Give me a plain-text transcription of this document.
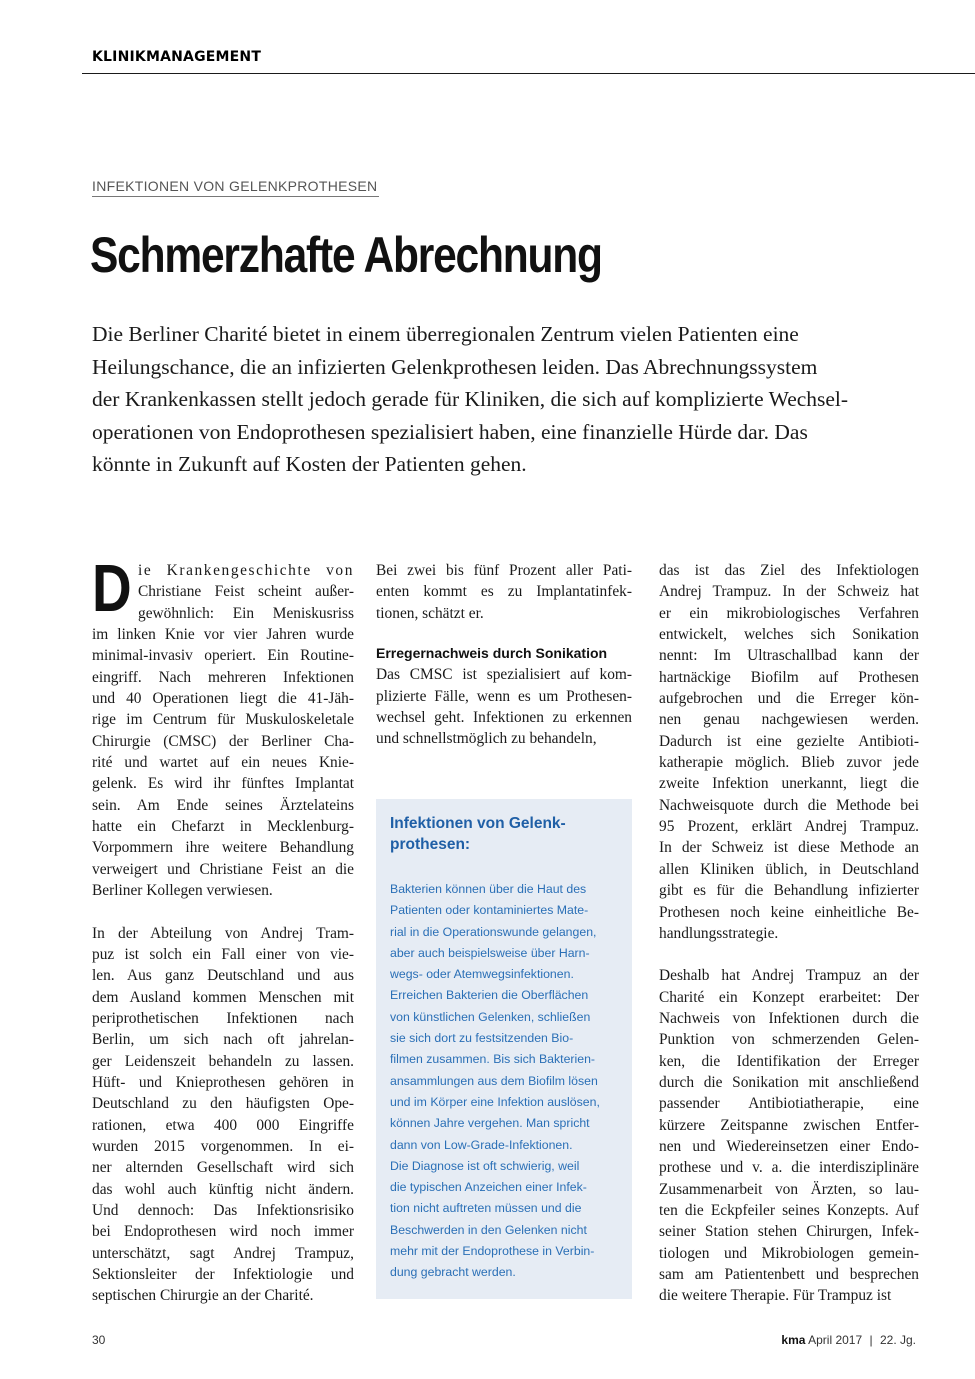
KLINIKMANAGEMENT
INFEKTIONEN VON GELENKPROTHESEN
Schmerzhafte Abrechnung
Die Berliner Charité bietet in einem überregionalen Zentrum vielen Patienten eine
Heilungschance, die an infizierten Gelenkprothesen leiden. Das Abrechnungssystem
der Krankenkassen stellt jedoch gerade für Kliniken, die sich auf komplizierte Wechsel-
operationen von Endoprothesen spezialisiert haben, eine finanzielle Hürde dar. Das
könnte in Zukunft auf Kosten der Patienten gehen.
D ie Krankengeschichte von
Christiane Feist scheint außer-
gewöhnlich: Ein Meniskusriss
im linken Knie vor vier Jahren wurde
minimal-invasiv operiert. Ein Routine-
eingriff. Nach mehreren Infektionen
und 40 Operationen liegt die 41-Jäh-
rige im Centrum für Muskuloskeletale
Chirurgie (CMSC) der Berliner Cha-
rité und wartet auf ein neues Knie-
gelenk. Es wird ihr fünftes Implantat
sein. Am Ende seines Ärztelateins
hatte ein Chefarzt in Mecklenburg-
Vorpommern ihre weitere Behandlung
verweigert und Christiane Feist an die
Berliner Kollegen verwiesen.
In der Abteilung von Andrej Tram-
puz ist solch ein Fall einer von vie-
len. Aus ganz Deutschland und aus
dem Ausland kommen Menschen mit
periprothetischen Infektionen nach
Berlin, um sich nach oft jahrelan-
ger Leidenszeit behandeln zu lassen.
Hüft- und Knieprothesen gehören in
Deutschland zu den häufigsten Ope-
rationen, etwa 400 000 Eingriffe
wurden 2015 vorgenommen. In ei-
ner alternden Gesellschaft wird sich
das wohl auch künftig nicht ändern.
Und dennoch: Das Infektionsrisiko
bei Endoprothesen wird noch immer
unterschätzt, sagt Andrej Trampuz,
Sektionsleiter der Infektiologie und
septischen Chirurgie an der Charité.
Bei zwei bis fünf Prozent aller Pati-
enten kommt es zu Implantatinfek-
tionen, schätzt er.
Erregernachweis durch Sonikation
Das CMSC ist spezialisiert auf kom-
plizierte Fälle, wenn es um Prothesen-
wechsel geht. Infektionen zu erkennen
und schnellstmöglich zu behandeln,
Infektionen von Gelenk-
prothesen:
Bakterien können über die Haut des
Patienten oder kontaminiertes Mate-
rial in die Operationswunde gelangen,
aber auch beispielsweise über Harn-
wegs- oder Atemwegsinfektionen.
Erreichen Bakterien die Oberflächen
von künstlichen Gelenken, schließen
sie sich dort zu festsitzenden Bio-
filmen zusammen. Bis sich Bakterien-
ansammlungen aus dem Biofilm lösen
und im Körper eine Infektion auslösen,
können Jahre vergehen. Man spricht
dann von Low-Grade-Infektionen.
Die Diagnose ist oft schwierig, weil
die typischen Anzeichen einer Infek-
tion nicht auftreten müssen und die
Beschwerden in den Gelenken nicht
mehr mit der Endoprothese in Verbin-
dung gebracht werden.
das ist das Ziel des Infektiologen
Andrej Trampuz. In der Schweiz hat
er ein mikrobiologisches Verfahren
entwickelt, welches sich Sonikation
nennt: Im Ultraschallbad kann der
hartnäckige Biofilm auf Prothesen
aufgebrochen und die Erreger kön-
nen genau nachgewiesen werden.
Dadurch ist eine gezielte Antibioti-
katherapie möglich. Blieb zuvor jede
zweite Infektion unerkannt, liegt die
Nachweisquote durch die Methode bei
95 Prozent, erklärt Andrej Trampuz.
In der Schweiz ist diese Methode an
allen Kliniken üblich, in Deutschland
gibt es für die Behandlung infizierter
Prothesen noch keine einheitliche Be-
handlungsstrategie.
Deshalb hat Andrej Trampuz an der
Charité ein Konzept erarbeitet: Der
Nachweis von Infektionen durch die
Punktion von schmerzenden Gelen-
ken, die Identifikation der Erreger
durch die Sonikation mit anschließend
passender Antibiotiatherapie, eine
kürzere Zeitspanne zwischen Entfer-
nen und Wiedereinsetzen einer Endo-
prothese und v. a. die interdisziplinäre
Zusammenarbeit von Ärzten, so lau-
ten die Eckpfeiler seines Konzepts. Auf
seiner Station stehen Chirurgen, Infek-
tiologen und Mikrobiologen gemein-
sam am Patientenbett und besprechen
die weitere Therapie. Für Trampuz ist
30	kma April 2017 | 22. Jg.
